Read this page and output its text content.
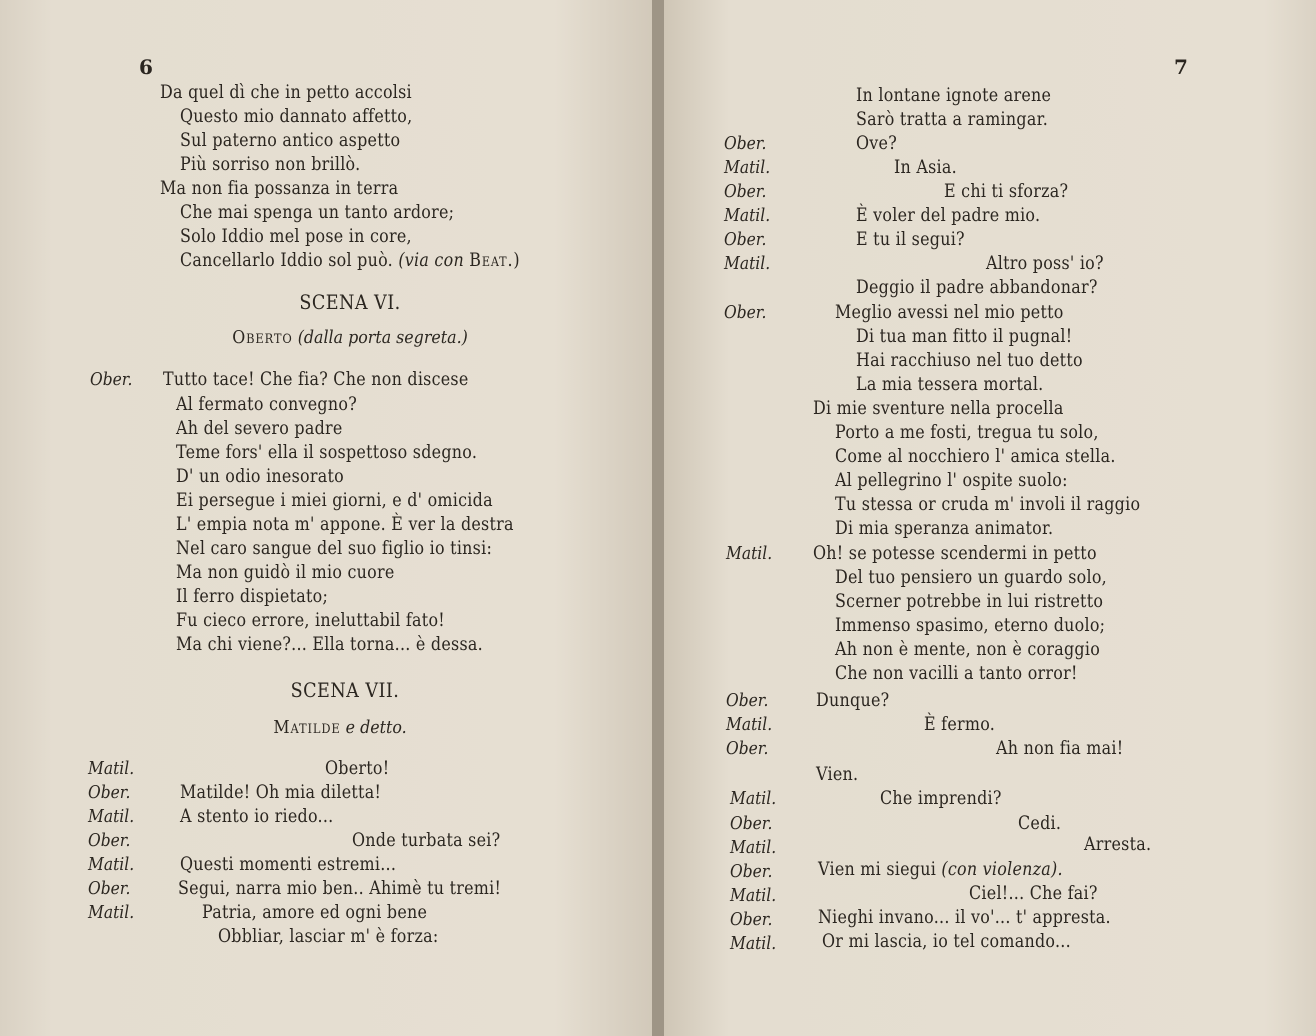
6
Da quel dì che in petto accolsi
Questo mio dannato affetto,
Sul paterno antico aspetto
Più sorriso non brillò.
Ma non fia possanza in terra
Che mai spenga un tanto ardore;
Solo Iddio mel pose in core,
Cancellarlo Iddio sol può. (via con Beat.)
SCENA VI.
Oberto (dalla porta segreta.)
Ober. Tutto tace! Che fia? Che non discese
Al fermato convegno?
Ah del severo padre
Teme fors' ella il sospettoso sdegno.
D' un odio inesorato
Ei persegue i miei giorni, e d' omicida
L' empia nota m' appone. È ver la destra
Nel caro sangue del suo figlio io tinsi:
Ma non guidò il mio cuore
Il ferro dispietato;
Fu cieco errore, ineluttabil fato!
Ma chi viene?... Ella torna... è dessa.
SCENA VII.
Matilde e detto.
Matil.	Oberto!
Ober.	Matilde! Oh mia diletta!
Matil. A stento io riedo...
Ober.	Onde turbata sei?
Matil. Questi momenti estremi...
Ober.	Segui, narra mio ben.. Ahimè tu tremi!
Matil.	Patria, amore ed ogni bene
Obbliar, lasciar m' è forza:
7
In lontane ignote arene
Sarò tratta a ramingar.
Ober.	Ove?
Matil.	In Asia.
Ober.	E chi ti sforza?
Matil.	È voler del padre mio.
Ober.	E tu il segui?
Matil.	Altro poss' io?
Deggio il padre abbandonar?
Ober.	Meglio avessi nel mio petto
Di tua man fitto il pugnal!
Hai racchiuso nel tuo detto
La mia tessera mortal.
Di mie sventure nella procella
Porto a me fosti, tregua tu solo,
Come al nocchiero l' amica stella.
Al pellegrino l' ospite suolo:
Tu stessa or cruda m' involi il raggio
Di mia speranza animator.
Matil. Oh! se potesse scendermi in petto
Del tuo pensiero un guardo solo,
Scerner potrebbe in lui ristretto
Immenso spasimo, eterno duolo;
Ah non è mente, non è coraggio
Che non vacilli a tanto orror!
Ober.	Dunque?
Matil.	È fermo.
Ober.	Ah non fia mai!
Vien.
Matil.	Che imprendi?
Ober.	Cedi.
Matil.	Arresta.
Ober. Vien mi siegui (con violenza).
Matil.	Ciel!... Che fai?
Ober. Nieghi invano... il vo'... t' appresta.
Matil. Or mi lascia, io tel comando...
